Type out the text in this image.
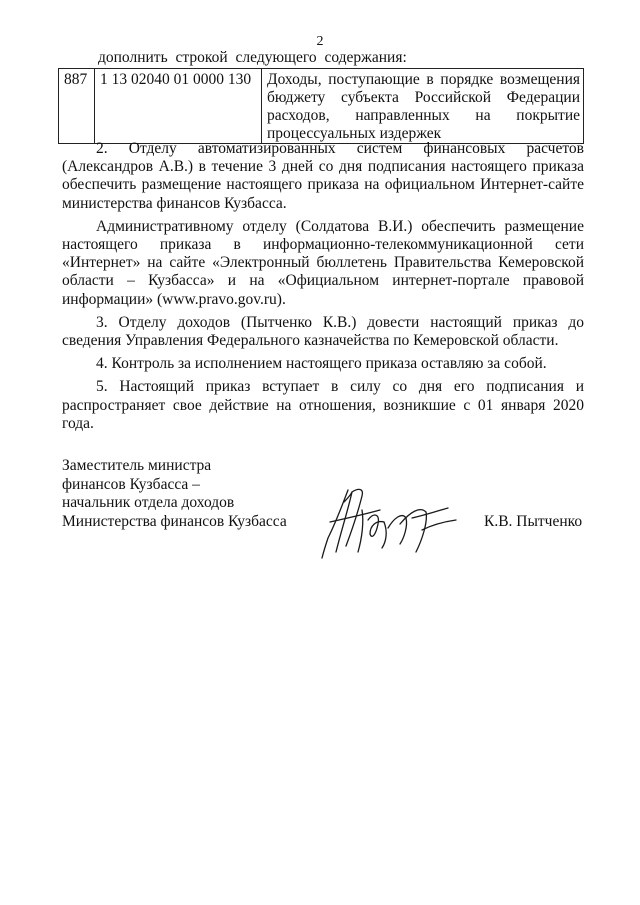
2
дополнить строкой следующего содержания:
887	1 13 02040 01 0000 130	Доходы, поступающие в порядке возмещения бюджету субъекта Российской Федерации расходов, направленных на покрытие процессуальных издержек

2. Отделу автоматизированных систем финансовых расчетов (Александров А.В.) в течение 3 дней со дня подписания настоящего приказа обеспечить размещение настоящего приказа на официальном Интернет-сайте министерства финансов Кузбасса.

Административному отделу (Солдатова В.И.) обеспечить размещение настоящего приказа в информационно-телекоммуникационной сети «Интернет» на сайте «Электронный бюллетень Правительства Кемеровской области – Кузбасса» и на «Официальном интернет-портале правовой информации» (www.pravo.gov.ru).

3. Отделу доходов (Пытченко К.В.) довести настоящий приказ до сведения Управления Федерального казначейства по Кемеровской области.

4. Контроль за исполнением настоящего приказа оставляю за собой.

5. Настоящий приказ вступает в силу со дня его подписания и распространяет свое действие на отношения, возникшие с 01 января 2020 года.

Заместитель министра
финансов Кузбасса –
начальник отдела доходов
Министерства финансов Кузбасса	К.В. Пытченко
